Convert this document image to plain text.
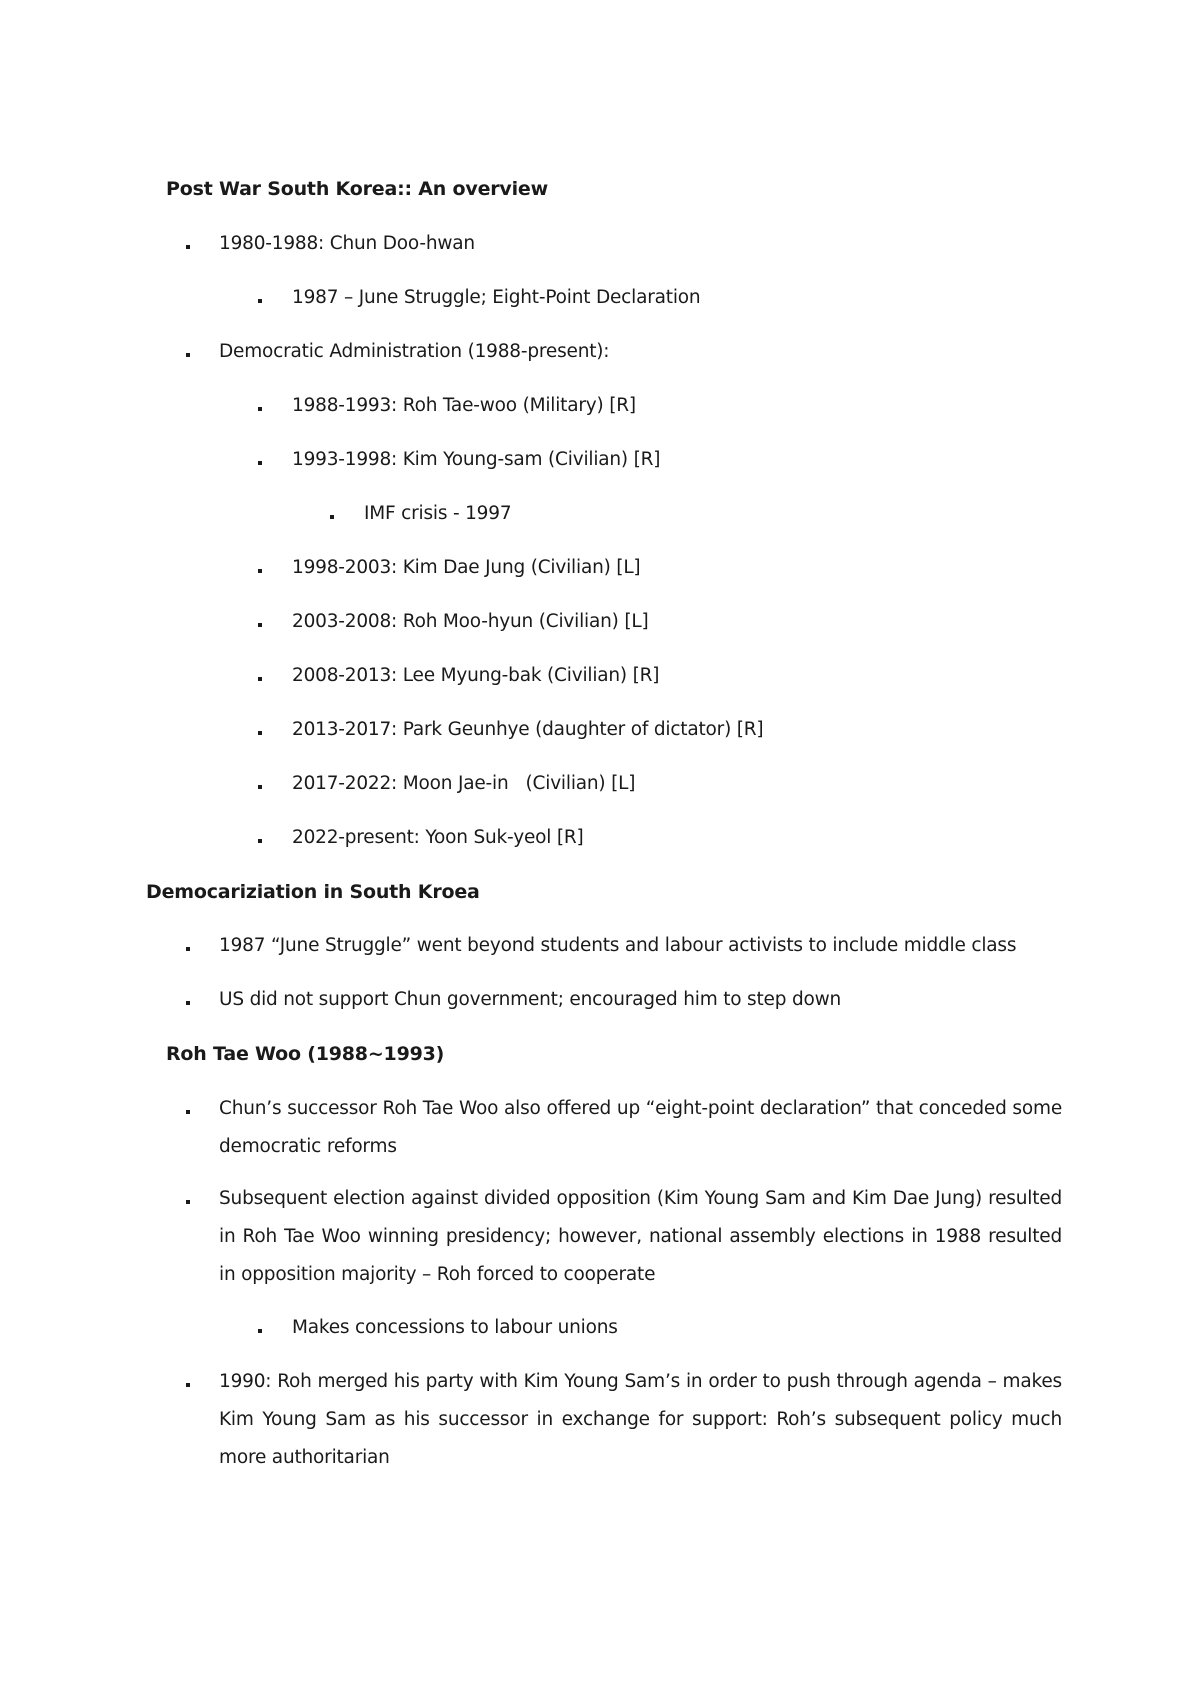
Post War South Korea:: An overview
1980-1988: Chun Doo-hwan
1987 – June Struggle; Eight-Point Declaration
Democratic Administration (1988-present):
1988-1993: Roh Tae-woo (Military) [R]
1993-1998: Kim Young-sam (Civilian) [R]
IMF crisis - 1997
1998-2003: Kim Dae Jung (Civilian) [L]
2003-2008: Roh Moo-hyun (Civilian) [L]
2008-2013: Lee Myung-bak (Civilian) [R]
2013-2017: Park Geunhye (daughter of dictator) [R]
2017-2022: Moon Jae-in   (Civilian) [L]
2022-present: Yoon Suk-yeol [R]
Democariziation in South Kroea
1987 “June Struggle” went beyond students and labour activists to include middle class
US did not support Chun government; encouraged him to step down
Roh Tae Woo (1988~1993)
Chun’s successor Roh Tae Woo also offered up “eight-point declaration” that conceded some democratic reforms
Subsequent election against divided opposition (Kim Young Sam and Kim Dae Jung) resulted in Roh Tae Woo winning presidency; however, national assembly elections in 1988 resulted in opposition majority – Roh forced to cooperate
Makes concessions to labour unions
1990: Roh merged his party with Kim Young Sam’s in order to push through agenda – makes Kim Young Sam as his successor in exchange for support: Roh’s subsequent policy much more authoritarian
